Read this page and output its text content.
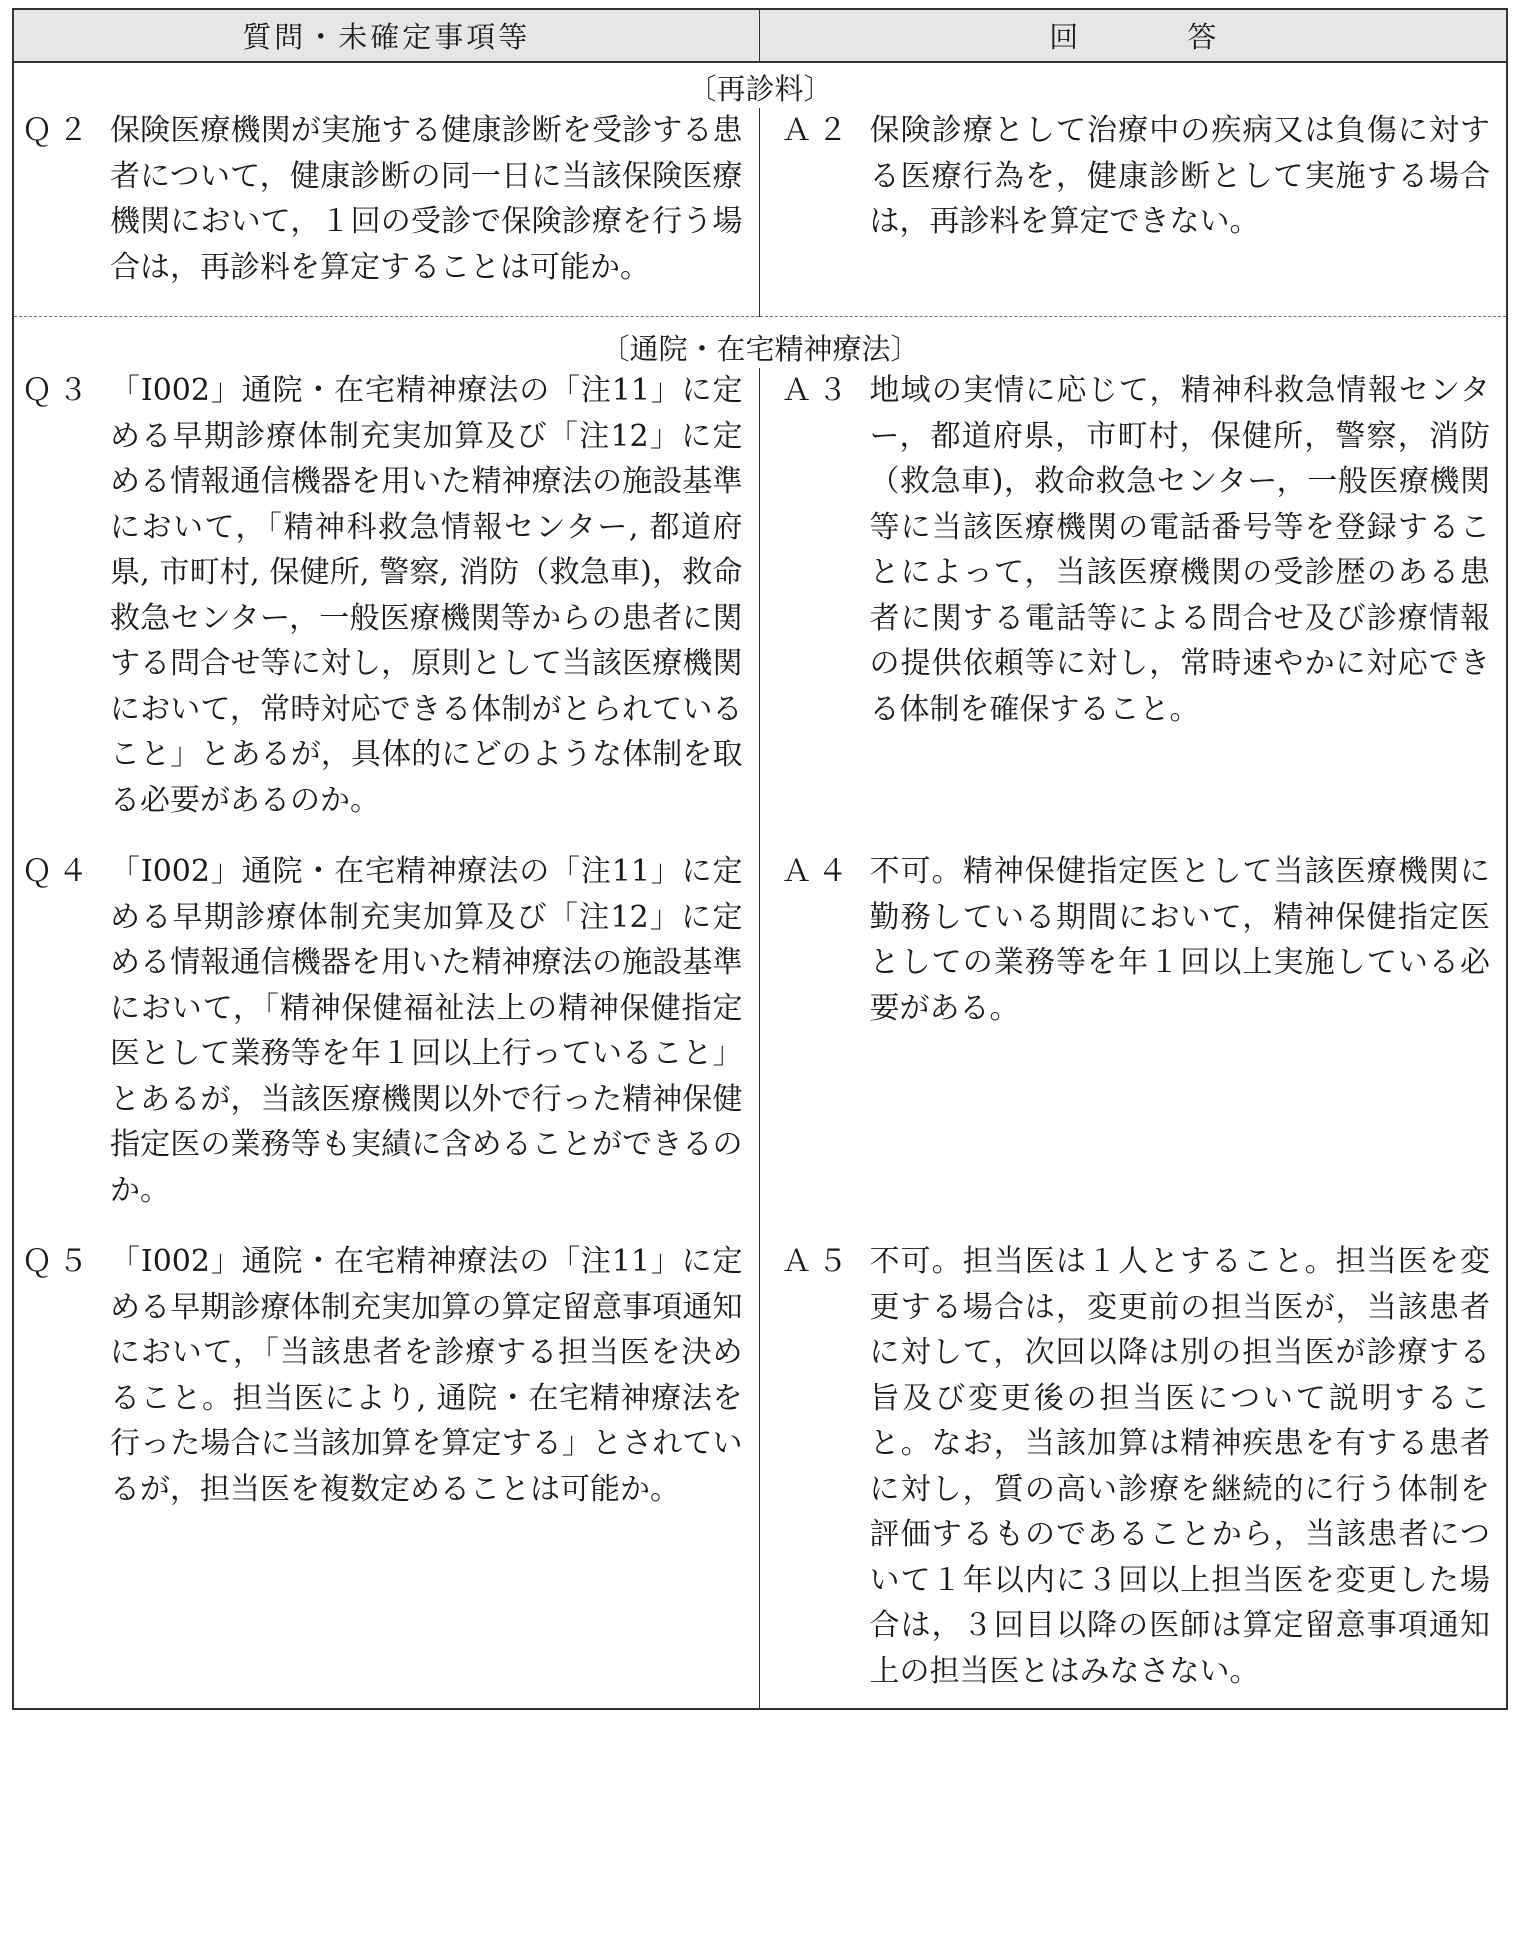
質問・未確定事項等	回　答
〔再診料〕	

Ｑ２ 保険医療機関が実施する健康診断を受診する患者について，健康診断の同一日に当該保険医療機関において，１回の受診で保険診療を行う場合は，再診料を算定することは可能か。	Ａ２ 保険診療として治療中の疾病又は負傷に対する医療行為を，健康診断として実施する場合は，再診料を算定できない。

〔通院・在宅精神療法〕	

Ｑ３ 「I002」通院・在宅精神療法の「注11」に定める早期診療体制充実加算及び「注12」に定める情報通信機器を用いた精神療法の施設基準において，「精神科救急情報センター, 都道府県, 市町村, 保健所, 警察, 消防（救急車)，救命救急センター，一般医療機関等からの患者に関する問合せ等に対し，原則として当該医療機関において，常時対応できる体制がとられていること」とあるが，具体的にどのような体制を取る必要があるのか。	Ａ３ 地域の実情に応じて，精神科救急情報センター，都道府県，市町村，保健所，警察，消防（救急車)，救命救急センター，一般医療機関等に当該医療機関の電話番号等を登録することによって，当該医療機関の受診歴のある患者に関する電話等による問合せ及び診療情報の提供依頼等に対し，常時速やかに対応できる体制を確保すること。

Ｑ４ 「I002」通院・在宅精神療法の「注11」に定める早期診療体制充実加算及び「注12」に定める情報通信機器を用いた精神療法の施設基準において，「精神保健福祉法上の精神保健指定医として業務等を年１回以上行っていること」とあるが，当該医療機関以外で行った精神保健指定医の業務等も実績に含めることができるのか。	Ａ４ 不可。精神保健指定医として当該医療機関に勤務している期間において，精神保健指定医としての業務等を年１回以上実施している必要がある。

Ｑ５ 「I002」通院・在宅精神療法の「注11」に定める早期診療体制充実加算の算定留意事項通知において，「当該患者を診療する担当医を決めること。担当医により, 通院・在宅精神療法を行った場合に当該加算を算定する」とされているが，担当医を複数定めることは可能か。	Ａ５ 不可。担当医は１人とすること。担当医を変更する場合は，変更前の担当医が，当該患者に対して，次回以降は別の担当医が診療する旨及び変更後の担当医について説明すること。なお，当該加算は精神疾患を有する患者に対し，質の高い診療を継続的に行う体制を評価するものであることから，当該患者について１年以内に３回以上担当医を変更した場合は，３回目以降の医師は算定留意事項通知上の担当医とはみなさない。
